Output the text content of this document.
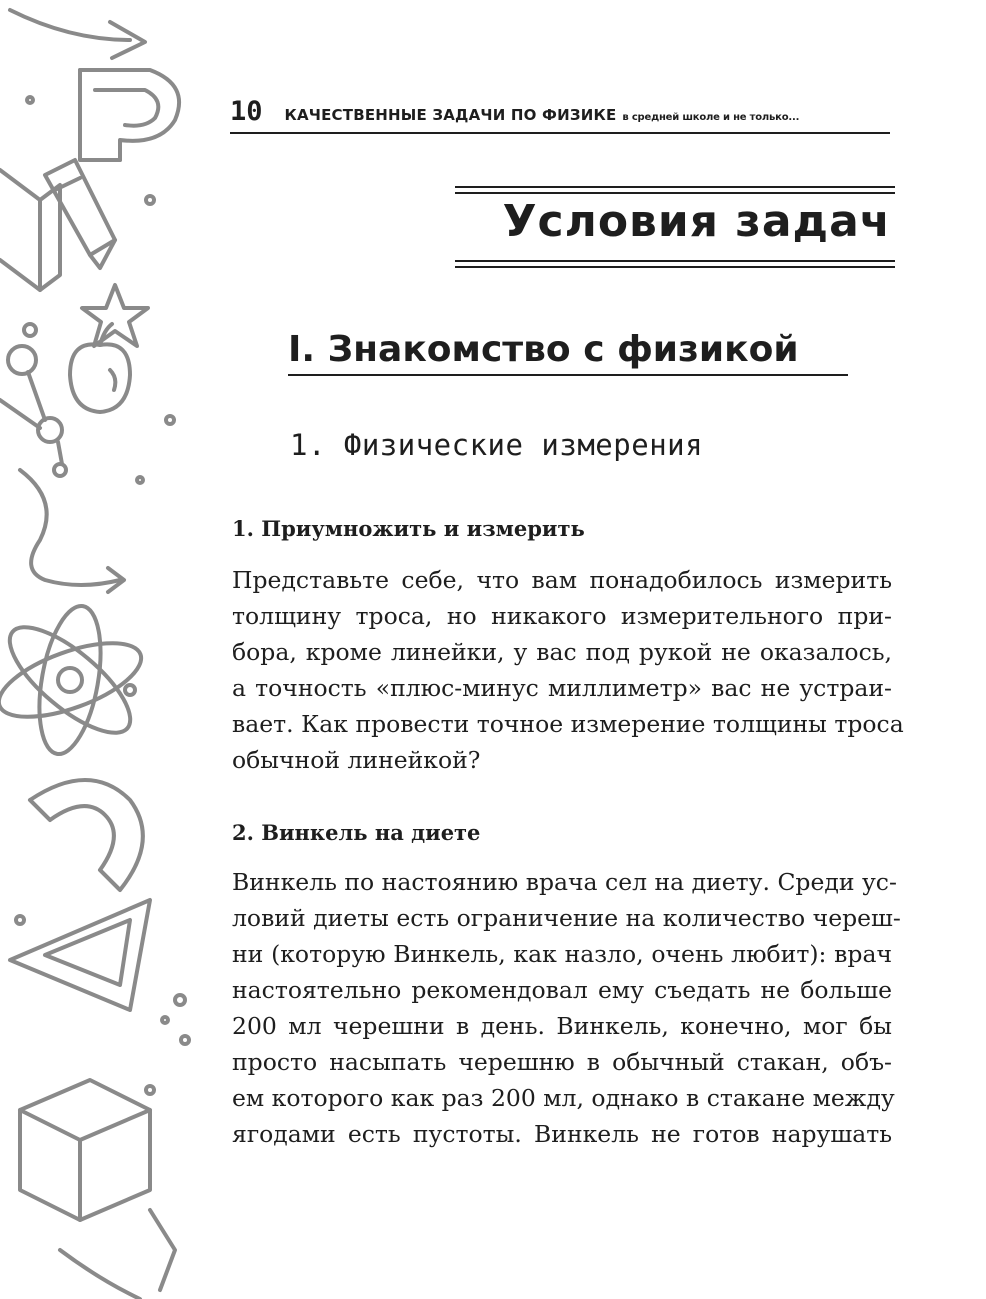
10 КАЧЕСТВЕННЫЕ ЗАДАЧИ ПО ФИЗИКЕ в средней школе и не только...
Условия задач
I. Знакомство с физикой
1. Физические измерения
1. Приумножить и измерить
Представьте себе, что вам понадобилось измерить
толщину троса, но никакого измерительного при-
бора, кроме линейки, у вас под рукой не оказалось,
а точность «плюс-минус миллиметр» вас не устраи-
вает. Как провести точное измерение толщины троса
обычной линейкой?
2. Винкель на диете
Винкель по настоянию врача сел на диету. Среди ус-
ловий диеты есть ограничение на количество череш-
ни (которую Винкель, как назло, очень любит): врач
настоятельно рекомендовал ему съедать не больше
200 мл черешни в день. Винкель, конечно, мог бы
просто насыпать черешню в обычный стакан, объ-
ем которого как раз 200 мл, однако в стакане между
ягодами есть пустоты. Винкель не готов нарушать
